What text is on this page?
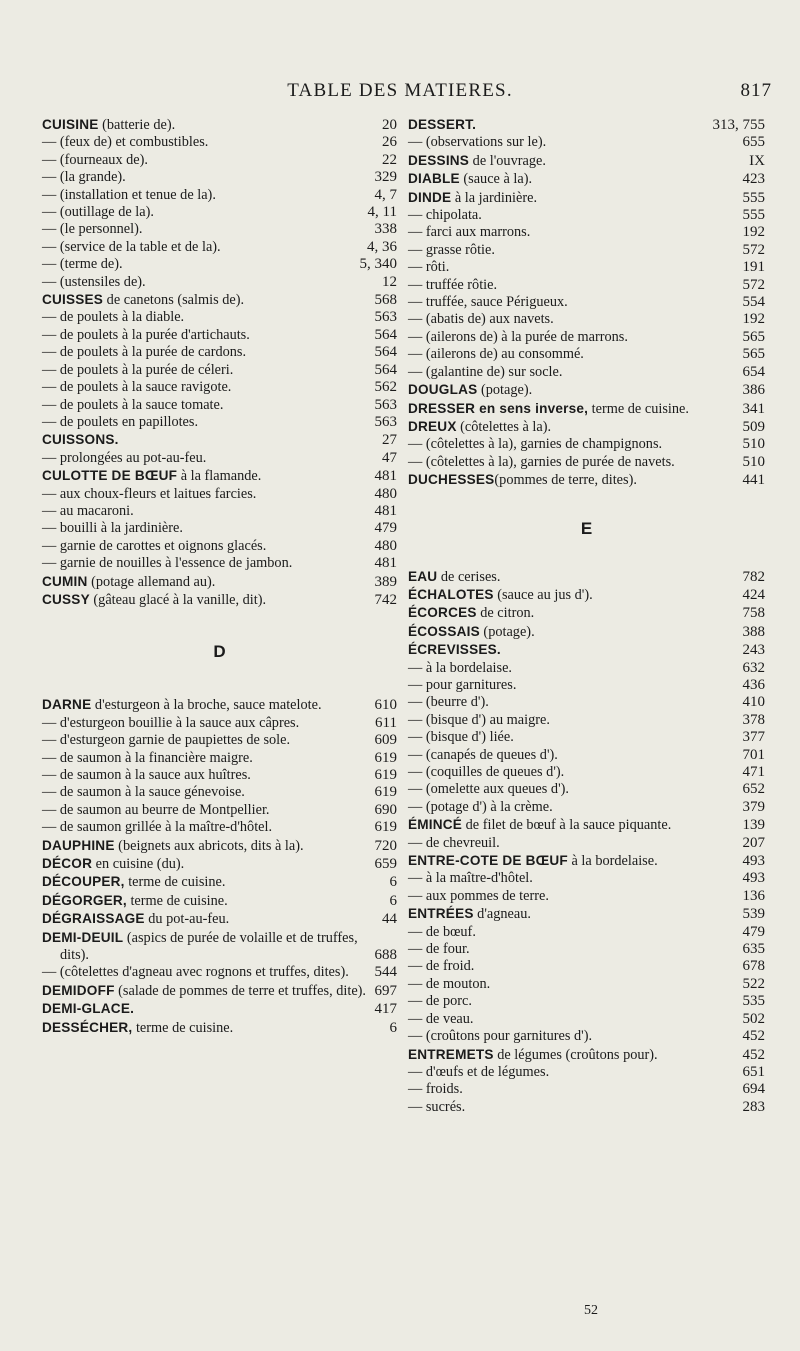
TABLE DES MATIERES.	817
CUISINE (batterie de).	20
— (feux de) et combustibles.	26
— (fourneaux de).	22
— (la grande).	329
— (installation et tenue de la).	4, 7
— (outillage de la).	4, 11
— (le personnel).	338
— (service de la table et de la).	4, 36
— (terme de).	5, 340
— (ustensiles de).	12
CUISSES de canetons (salmis de).	568
— de poulets à la diable.	563
— de poulets à la purée d'artichauts.	564
— de poulets à la purée de cardons.	564
— de poulets à la purée de céleri.	564
— de poulets à la sauce ravigote.	562
— de poulets à la sauce tomate.	563
— de poulets en papillotes.	563
CUISSONS.	27
— prolongées au pot-au-feu.	47
CULOTTE DE BŒUF à la flamande.	481
— aux choux-fleurs et laitues farcies.	480
— au macaroni.	481
— bouilli à la jardinière.	479
— garnie de carottes et oignons glacés.	480
— garnie de nouilles à l'essence de jambon.	481
CUMIN (potage allemand au).	389
CUSSY (gâteau glacé à la vanille, dit).	742
D
DARNE d'esturgeon à la broche, sauce matelote.	610
— d'esturgeon bouillie à la sauce aux câpres.	611
— d'esturgeon garnie de paupiettes de sole.	609
— de saumon à la financière maigre.	619
— de saumon à la sauce aux huîtres.	619
— de saumon à la sauce génevoise.	619
— de saumon au beurre de Montpellier.	690
— de saumon grillée à la maître-d'hôtel.	619
DAUPHINE (beignets aux abricots, dits à la).	720
DÉCOR en cuisine (du).	659
DÉCOUPER, terme de cuisine.	6
DÉGORGER, terme de cuisine.	6
DÉGRAISSAGE du pot-au-feu.	44
DEMI-DEUIL (aspics de purée de volaille et de truffes, dits).	688
— (côtelettes d'agneau avec rognons et truffes, dites).	544
DEMIDOFF (salade de pommes de terre et truffes, dite). 697
DEMI-GLACE.	417
DESSÉCHER, terme de cuisine.	6
DESSERT.	313, 755
— (observations sur le).	655
DESSINS de l'ouvrage.	IX
DIABLE (sauce à la).	423
DINDE à la jardinière.	555
— chipolata.	555
— farci aux marrons.	192
— grasse rôtie.	572
— rôti.	191
— truffée rôtie.	572
— truffée, sauce Périgueux.	554
— (abatis de) aux navets.	192
— (ailerons de) à la purée de marrons.	565
— (ailerons de) au consommé.	565
— (galantine de) sur socle.	654
DOUGLAS (potage).	386
DRESSER en sens inverse, terme de cuisine.	341
DREUX (côtelettes à la).	509
— (côtelettes à la), garnies de champignons.	510
— (côtelettes à la), garnies de purée de navets.	510
DUCHESSES(pommes de terre, dites).	441
E
EAU de cerises.	782
ÉCHALOTES (sauce au jus d').	424
ÉCORCES de citron.	758
ÉCOSSAIS (potage).	388
ÉCREVISSES.	243
— à la bordelaise.	632
— pour garnitures.	436
— (beurre d').	410
— (bisque d') au maigre.	378
— (bisque d') liée.	377
— (canapés de queues d').	701
— (coquilles de queues d').	471
— (omelette aux queues d').	652
— (potage d') à la crème.	379
ÉMINCÉ de filet de bœuf à la sauce piquante.	139
— de chevreuil.	207
ENTRE-COTE DE BŒUF à la bordelaise.	493
— à la maître-d'hôtel.	493
— aux pommes de terre.	136
ENTRÉES d'agneau.	539
— de bœuf.	479
— de four.	635
— de froid.	678
— de mouton.	522
— de porc.	535
— de veau.	502
— (croûtons pour garnitures d').	452
ENTREMETS de légumes (croûtons pour).	452
— d'œufs et de légumes.	651
— froids.	694
— sucrés.	283
52
